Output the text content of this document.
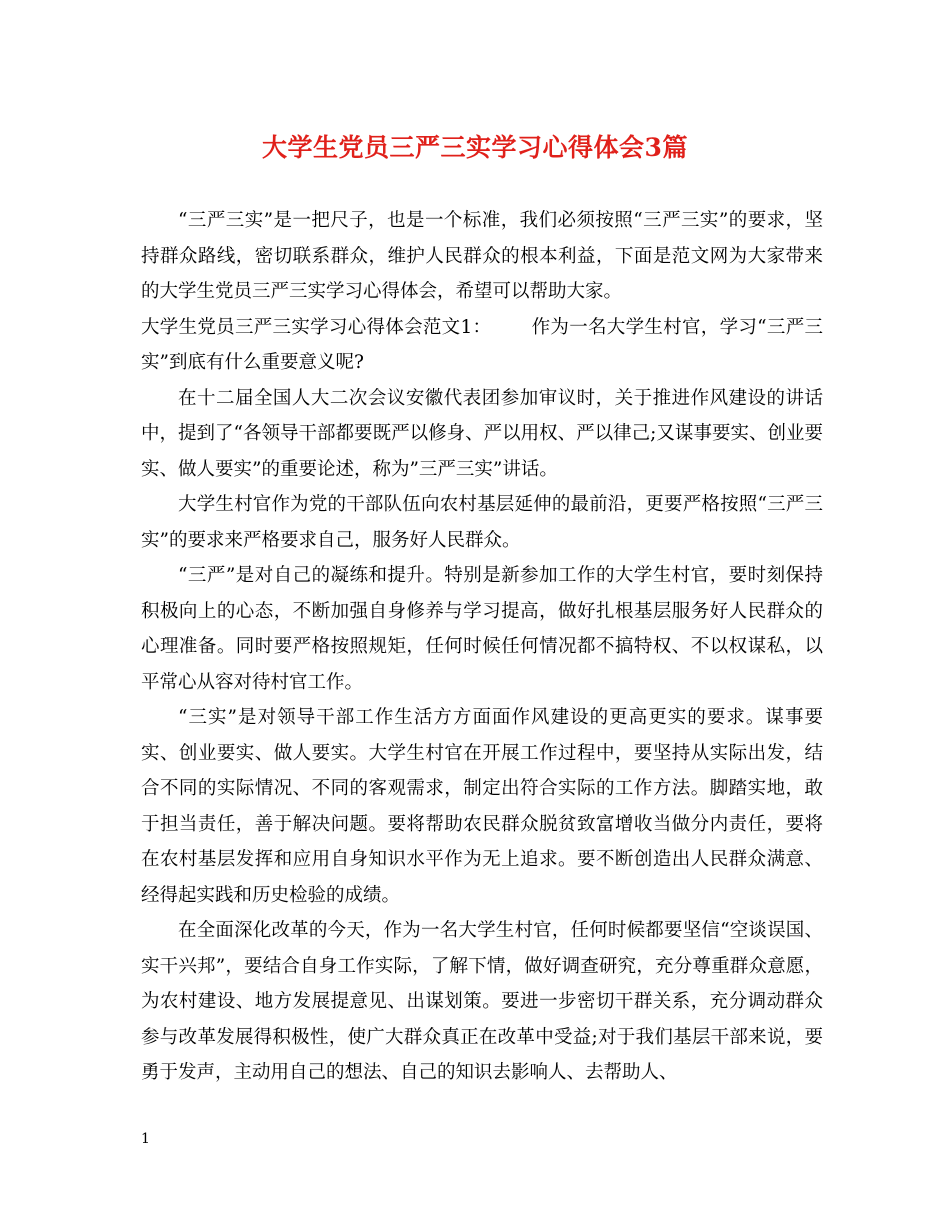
大学生党员三严三实学习心得体会3篇

“三严三实”是一把尺子，也是一个标准，我们必须按照“三严三实”的要求，坚持群众路线，密切联系群众，维护人民群众的根本利益，下面是范文网为大家带来的大学生党员三严三实学习心得体会，希望可以帮助大家。

大学生党员三严三实学习心得体会范文1： 作为一名大学生村官，学习“三严三实”到底有什么重要意义呢?

在十二届全国人大二次会议安徽代表团参加审议时，关于推进作风建设的讲话中，提到了“各领导干部都要既严以修身、严以用权、严以律己;又谋事要实、创业要实、做人要实”的重要论述，称为”三严三实”讲话。

大学生村官作为党的干部队伍向农村基层延伸的最前沿，更要严格按照“三严三实”的要求来严格要求自己，服务好人民群众。

“三严”是对自己的凝练和提升。特别是新参加工作的大学生村官，要时刻保持积极向上的心态，不断加强自身修养与学习提高，做好扎根基层服务好人民群众的心理准备。同时要严格按照规矩，任何时候任何情况都不搞特权、不以权谋私，以平常心从容对待村官工作。

“三实”是对领导干部工作生活方方面面作风建设的更高更实的要求。谋事要实、创业要实、做人要实。大学生村官在开展工作过程中，要坚持从实际出发，结合不同的实际情况、不同的客观需求，制定出符合实际的工作方法。脚踏实地，敢于担当责任，善于解决问题。要将帮助农民群众脱贫致富增收当做分内责任，要将在农村基层发挥和应用自身知识水平作为无上追求。要不断创造出人民群众满意、经得起实践和历史检验的成绩。

在全面深化改革的今天，作为一名大学生村官，任何时候都要坚信“空谈误国、实干兴邦”，要结合自身工作实际，了解下情，做好调查研究，充分尊重群众意愿，为农村建设、地方发展提意见、出谋划策。要进一步密切干群关系，充分调动群众参与改革发展得积极性，使广大群众真正在改革中受益;对于我们基层干部来说，要勇于发声，主动用自己的想法、自己的知识去影响人、去帮助人、

1
